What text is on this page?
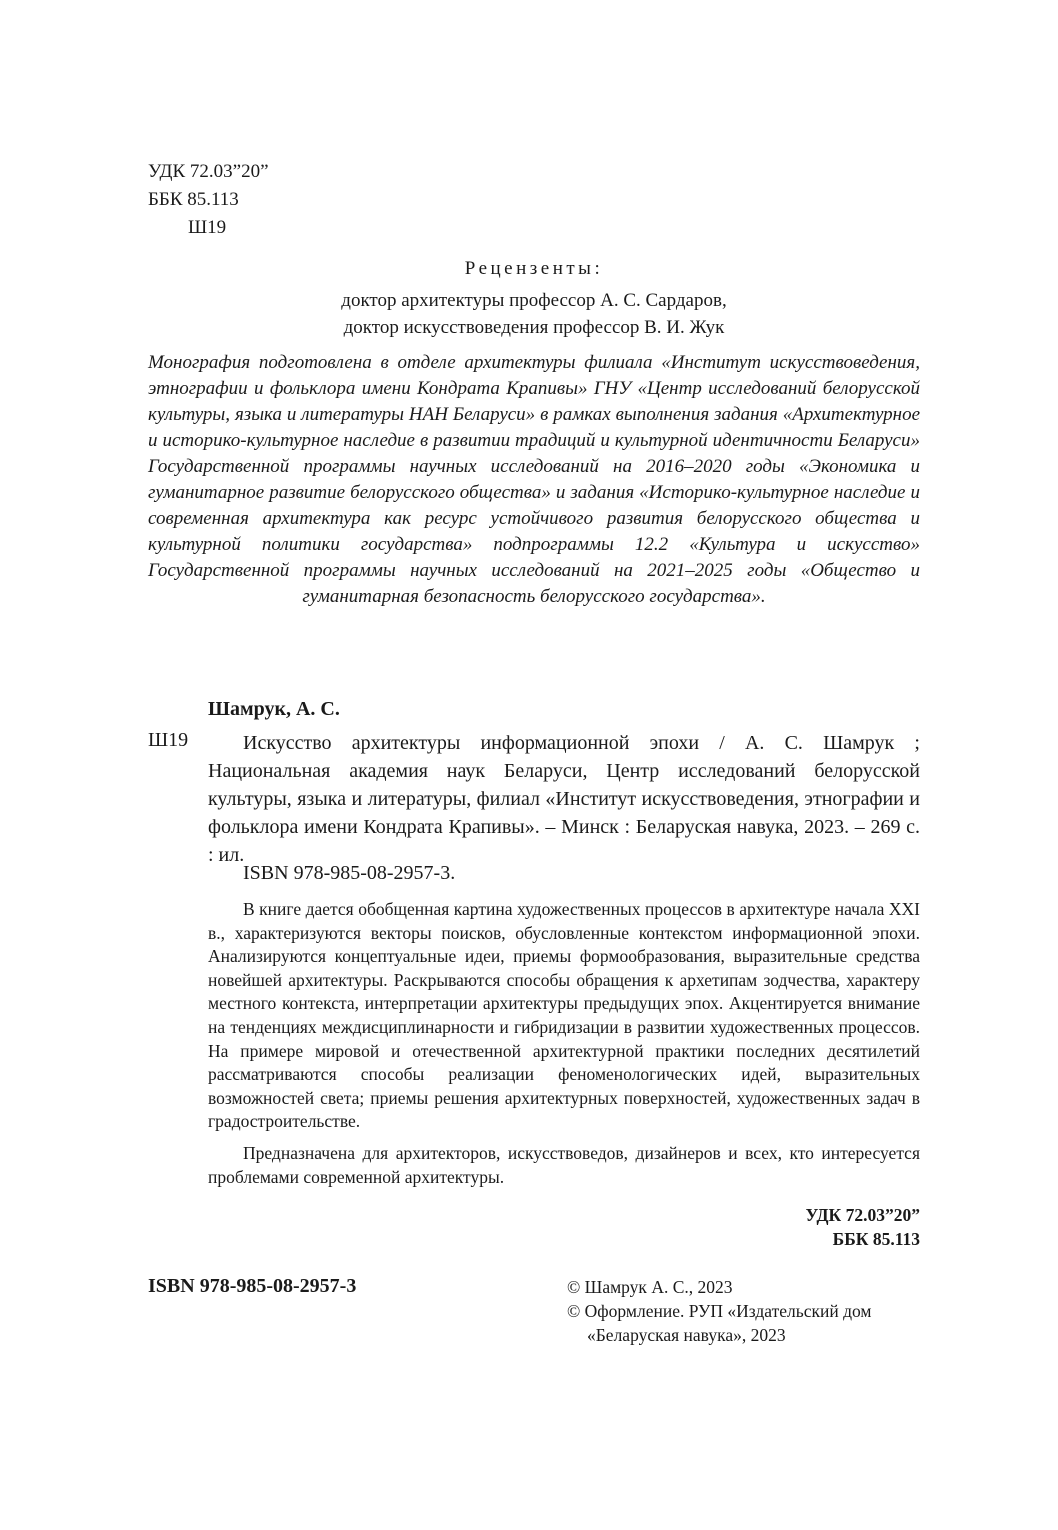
УДК 72.03”20”
ББК 85.113
Ш19
Рецензенты:
доктор архитектуры профессор А. С. Сардаров,
доктор искусствоведения профессор В. И. Жук
Монография подготовлена в отделе архитектуры филиала «Институт искусствоведения, этнографии и фольклора имени Кондрата Крапивы» ГНУ «Центр исследований белорусской культуры, языка и литературы НАН Беларуси» в рамках выполнения задания «Архитектурное и историко-культурное наследие в развитии традиций и культурной идентичности Беларуси» Государственной программы научных исследований на 2016–2020 годы «Экономика и гуманитарное развитие белорусского общества» и задания «Историко-культурное наследие и современная архитектура как ресурс устойчивого развития белорусского общества и культурной политики государства» подпрограммы 12.2 «Культура и искусство» Государственной программы научных исследований на 2021–2025 годы «Общество и гуманитарная безопасность белорусского государства».
Шамрук, А. С.
Ш19	Искусство архитектуры информационной эпохи / А. С. Шамрук ; Национальная академия наук Беларуси, Центр исследований белорусской культуры, языка и литературы, филиал «Институт искусствоведения, этнографии и фольклора имени Кондрата Крапивы». – Минск : Беларуская навука, 2023. – 269 с. : ил.
ISBN 978-985-08-2957-3.

В книге дается обобщенная картина художественных процессов в архитектуре начала XXI в., характеризуются векторы поисков, обусловленные контекстом информационной эпохи. Анализируются концептуальные идеи, приемы формообразования, выразительные средства новейшей архитектуры. Раскрываются способы обращения к архетипам зодчества, характеру местного контекста, интерпретации архитектуры предыдущих эпох. Акцентируется внимание на тенденциях междисциплинарности и гибридизации в развитии художественных процессов. На примере мировой и отечественной архитектурной практики последних десятилетий рассматриваются способы реализации феноменологических идей, выразительных возможностей света; приемы решения архитектурных поверхностей, художественных задач в градостроительстве.

Предназначена для архитекторов, искусствоведов, дизайнеров и всех, кто интересуется проблемами современной архитектуры.

УДК 72.03”20”
ББК 85.113
ISBN 978-985-08-2957-3	© Шамрук А. С., 2023
© Оформление. РУП «Издательский дом
«Беларуская навука», 2023
